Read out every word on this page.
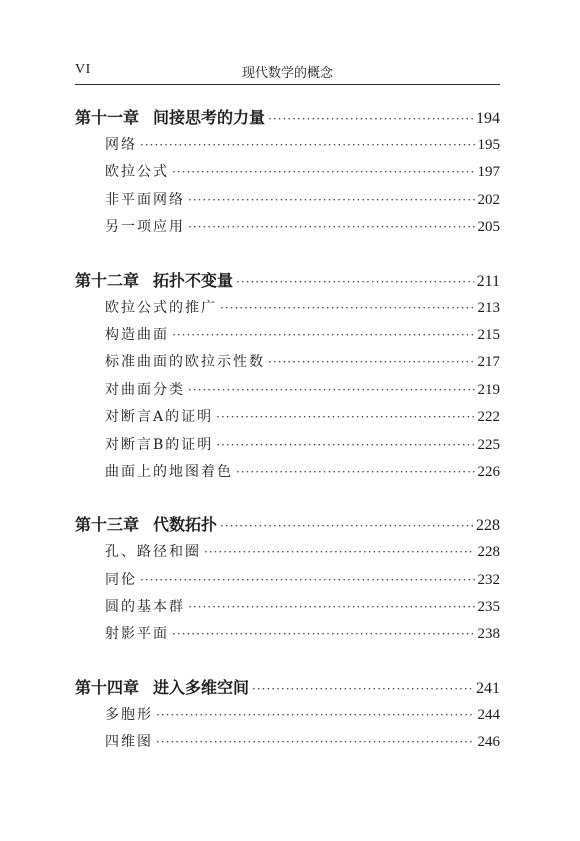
VI	现代数学的概念
第十一章 间接思考的力量 ·····	194
网络 ·····	195
欧拉公式 ·····	197
非平面网络 ·····	202
另一项应用 ·····	205
第十二章 拓扑不变量 ·····	211
欧拉公式的推广 ·····	213
构造曲面 ·····	215
标准曲面的欧拉示性数 ·····	217
对曲面分类 ·····	219
对断言A的证明 ·····	222
对断言B的证明 ·····	225
曲面上的地图着色 ·····	226
第十三章 代数拓扑 ·····	228
孔、路径和圈 ·····	228
同伦 ·····	232
圆的基本群 ·····	235
射影平面 ·····	238
第十四章 进入多维空间 ·····	241
多胞形 ·····	244
四维图 ·····	246
